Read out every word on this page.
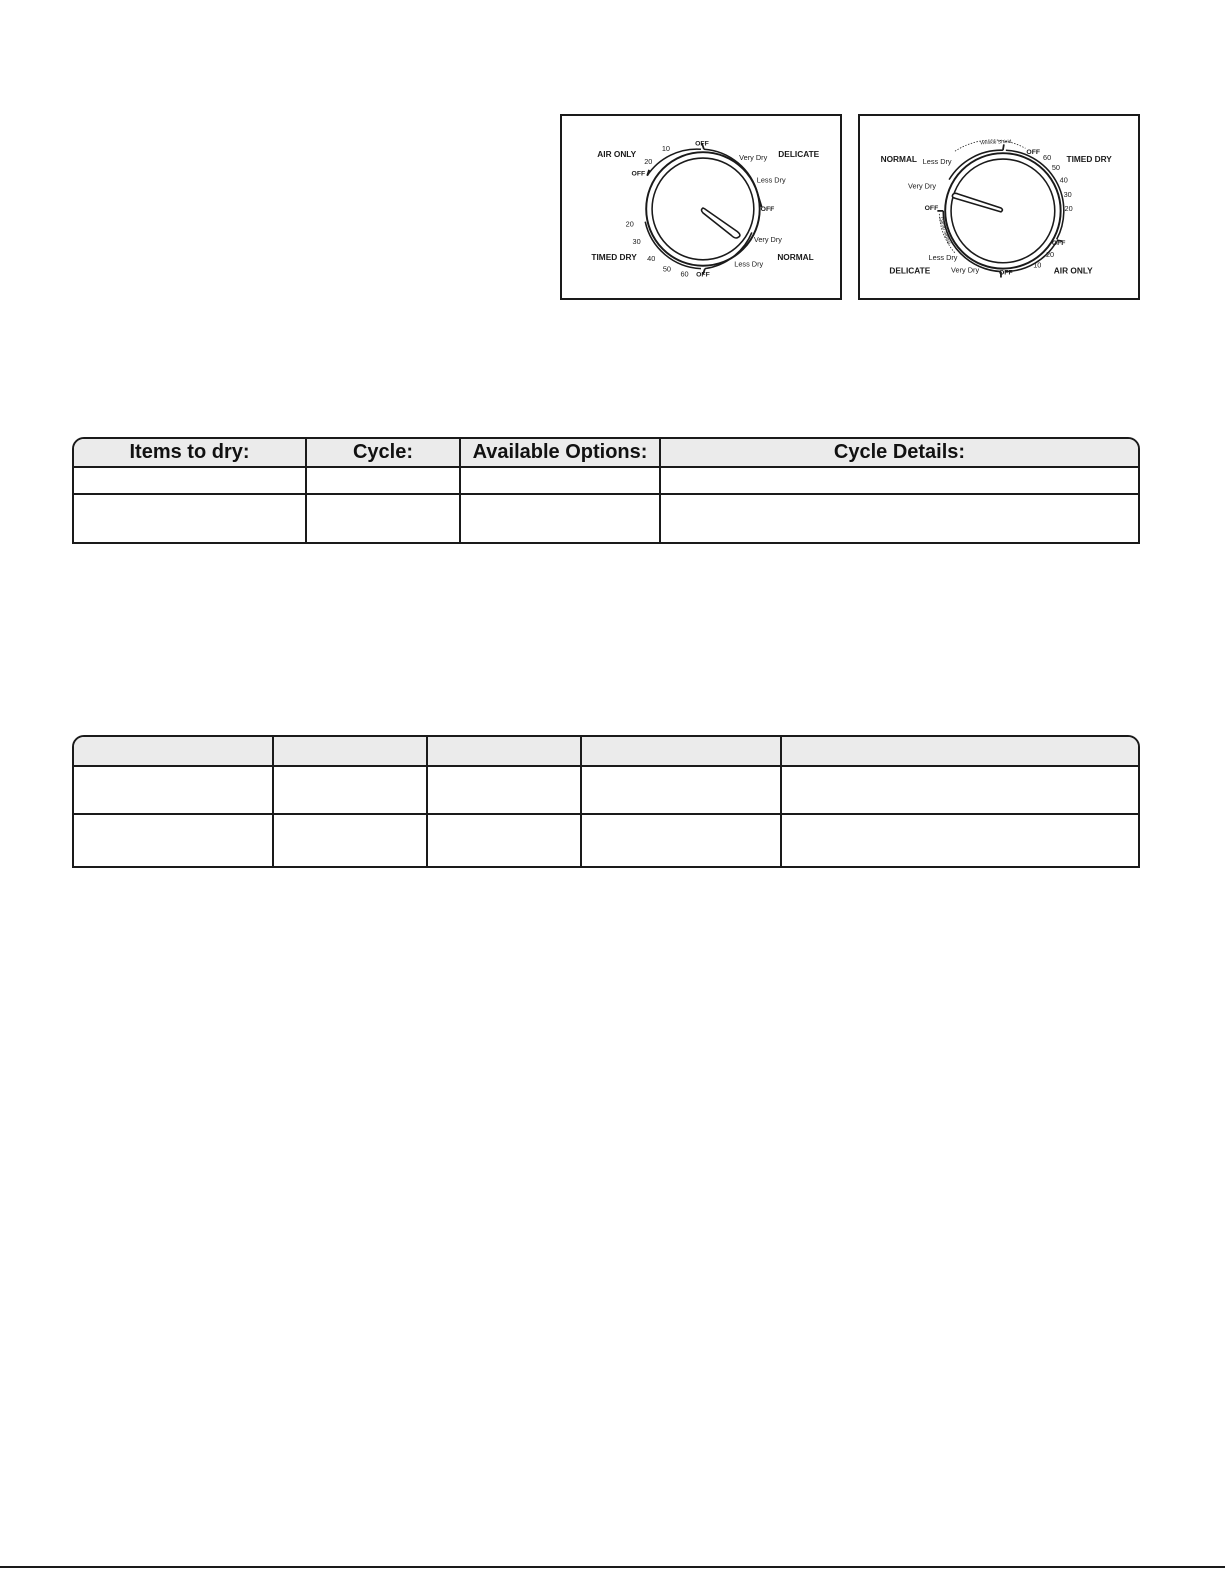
AIR ONLY	DELICATE
TIMED DRY	NORMAL
OFF
OFF
OFF
OFF
10
20
20
30
40
50
60
Very Dry
Less Dry
Very Dry
Less Dry
NORMAL	TIMED DRY
DELICATE	AIR ONLY
OFF
OFF
OFF
OFF
60
50
40
30
20
20
10
Less Dry
Very Dry
Less Dry
Very Dry
Wrinkle Shield
Damp Signal
Items to dry:	Cycle:	Available Options:	Cycle Details:
